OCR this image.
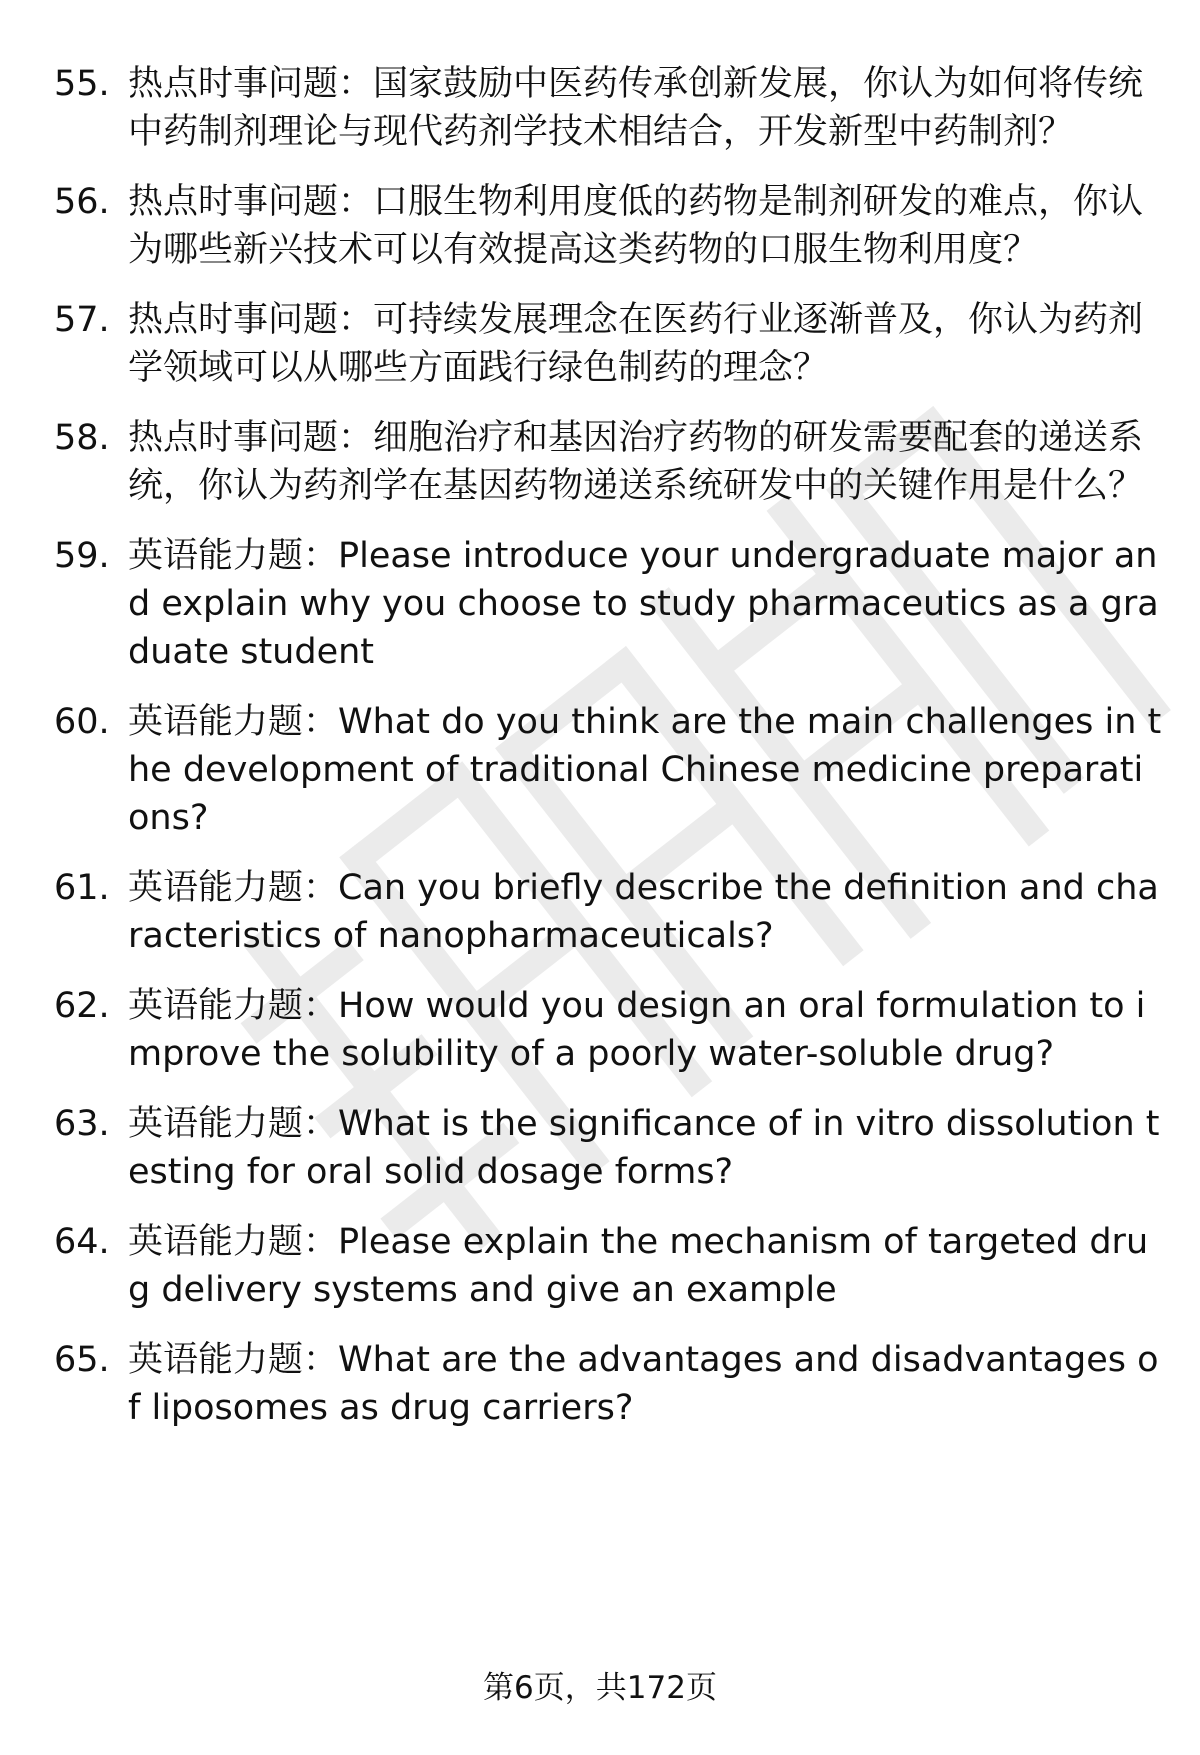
55. 热点时事问题：国家鼓励中医药传承创新发展，你认为如何将传统中药制剂理论与现代药剂学技术相结合，开发新型中药制剂？
56. 热点时事问题：口服生物利用度低的药物是制剂研发的难点，你认为哪些新兴技术可以有效提高这类药物的口服生物利用度？
57. 热点时事问题：可持续发展理念在医药行业逐渐普及，你认为药剂学领域可以从哪些方面践行绿色制药的理念？
58. 热点时事问题：细胞治疗和基因治疗药物的研发需要配套的递送系统，你认为药剂学在基因药物递送系统研发中的关键作用是什么？
59. 英语能力题：Please introduce your undergraduate major and explain why you choose to study pharmaceutics as a graduate student
60. 英语能力题：What do you think are the main challenges in the development of traditional Chinese medicine preparations?
61. 英语能力题：Can you briefly describe the definition and characteristics of nanopharmaceuticals?
62. 英语能力题：How would you design an oral formulation to improve the solubility of a poorly water-soluble drug?
63. 英语能力题：What is the significance of in vitro dissolution testing for oral solid dosage forms?
64. 英语能力题：Please explain the mechanism of targeted drug delivery systems and give an example
65. 英语能力题：What are the advantages and disadvantages of liposomes as drug carriers?
第6页，共172页
